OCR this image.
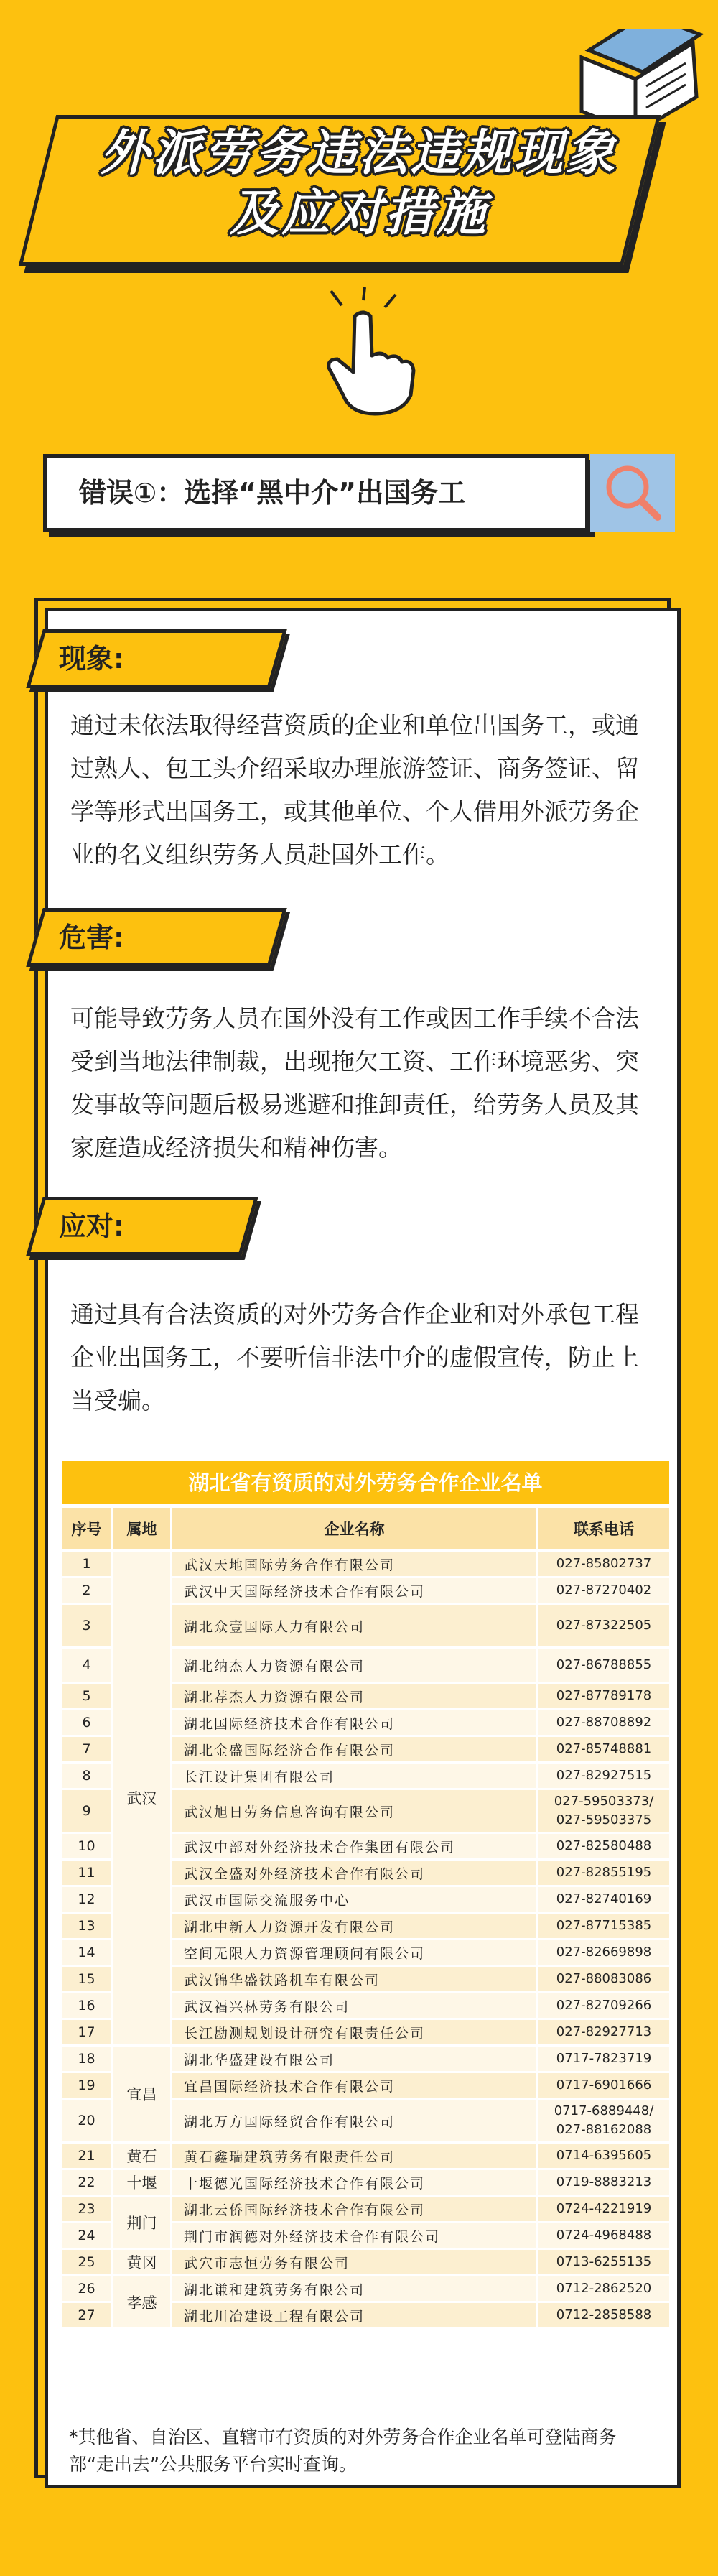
外派劳务违法违规现象
及应对措施
错误①：选择“黑中介”出国务工
现象:
通过未依法取得经营资质的企业和单位出国务工，或通过熟人、包工头介绍采取办理旅游签证、商务签证、留学等形式出国务工，或其他单位、个人借用外派劳务企业的名义组织劳务人员赴国外工作。
危害:
可能导致劳务人员在国外没有工作或因工作手续不合法受到当地法律制裁，出现拖欠工资、工作环境恶劣、突发事故等问题后极易逃避和推卸责任，给劳务人员及其家庭造成经济损失和精神伤害。
应对:
通过具有合法资质的对外劳务合作企业和对外承包工程企业出国务工，不要听信非法中介的虚假宣传，防止上当受骗。
湖北省有资质的对外劳务合作企业名单
序号	属地	企业名称	联系电话
1	武汉	武汉天地国际劳务合作有限公司	027-85802737
2		武汉中天国际经济技术合作有限公司	027-87270402
3		湖北众壹国际人力有限公司	027-87322505
4		湖北纳杰人力资源有限公司	027-86788855
5		湖北荐杰人力资源有限公司	027-87789178
6		湖北国际经济技术合作有限公司	027-88708892
7		湖北金盛国际经济合作有限公司	027-85748881
8		长江设计集团有限公司	027-82927515
9		武汉旭日劳务信息咨询有限公司	027-59503373/ 027-59503375
10		武汉中部对外经济技术合作集团有限公司	027-82580488
11		武汉全盛对外经济技术合作有限公司	027-82855195
12		武汉市国际交流服务中心	027-82740169
13		湖北中新人力资源开发有限公司	027-87715385
14		空间无限人力资源管理顾问有限公司	027-82669898
15		武汉锦华盛铁路机车有限公司	027-88083086
16		武汉福兴林劳务有限公司	027-82709266
17		长江勘测规划设计研究有限责任公司	027-82927713
18	宜昌	湖北华盛建设有限公司	0717-7823719
19		宜昌国际经济技术合作有限公司	0717-6901666
20		湖北万方国际经贸合作有限公司	0717-6889448/ 027-88162088
21	黄石	黄石鑫瑞建筑劳务有限责任公司	0714-6395605
22	十堰	十堰德光国际经济技术合作有限公司	0719-8883213
23	荆门	湖北云侨国际经济技术合作有限公司	0724-4221919
24		荆门市润德对外经济技术合作有限公司	0724-4968488
25	黄冈	武穴市志恒劳务有限公司	0713-6255135
26	孝感	湖北谦和建筑劳务有限公司	0712-2862520
27		湖北川冶建设工程有限公司	0712-2858588
*其他省、自治区、直辖市有资质的对外劳务合作企业名单可登陆商务部“走出去”公共服务平台实时查询。
